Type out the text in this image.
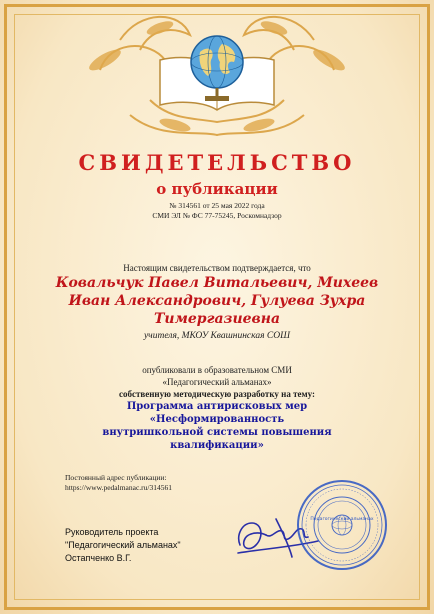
СВИДЕТЕЛЬСТВО
о публикации
№ 314561 от 25 мая 2022 года
СМИ ЭЛ № ФС 77-75245, Роскомнадзор
Настоящим свидетельством подтверждается, что
Ковальчук Павел Витальевич, Михеев
Иван Александрович, Гулуева Зухра
Тимергазиевна
учителя, МКОУ Квашнинская СОШ
опубликовали в образовательном СМИ
«Педагогический альманах»
собственную методическую разработку на тему:
Программа антирисковых мер «Несформированность
внутришкольной системы повышения
квалификации»
Постоянный адрес публикации:
https://www.pedalmanac.ru/314561
Руководитель проекта
"Педагогический альманах"
Остапченко В.Г.
Педагогический альманах
